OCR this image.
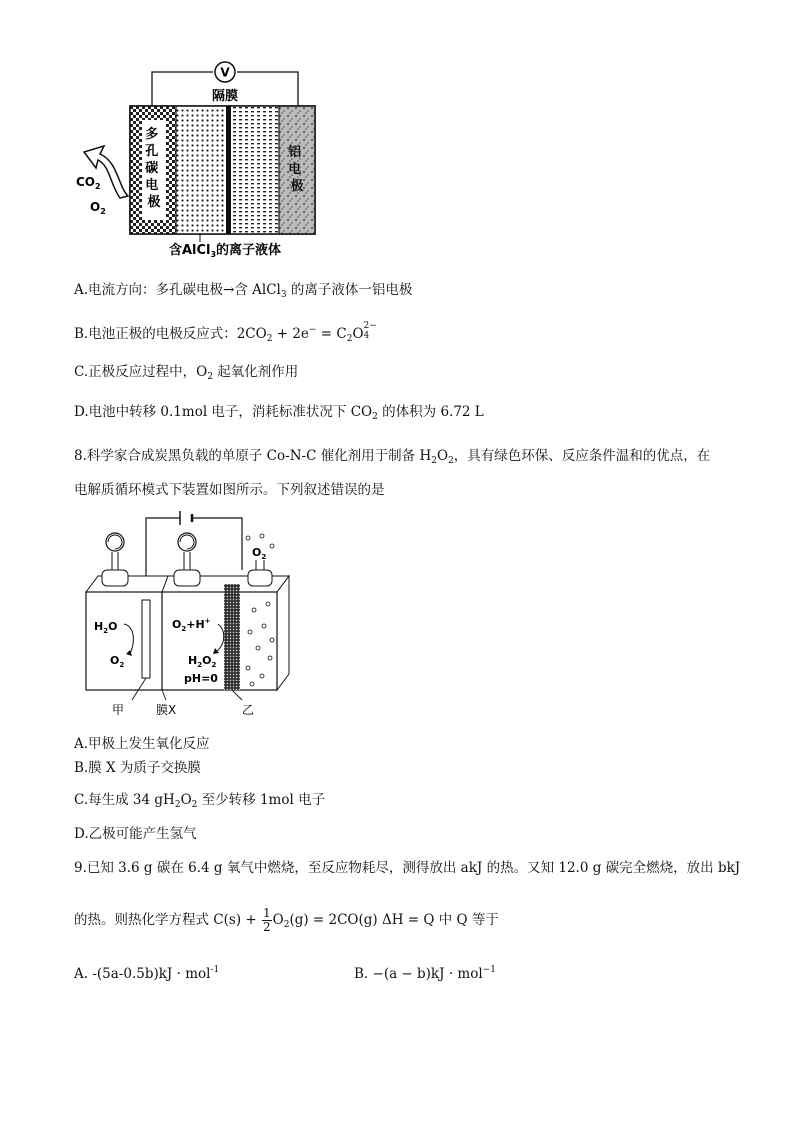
V
隔膜
多 孔 碳 电 极
铝 电 极
$CO_2$
$O_2$
含AlCl$_3$的离子液体
A.电流方向：多孔碳电极→含 AlCl$_3$ 的离子液体一铝电极
B.电池正极的电极反应式：$2CO_2 + 2e^- = C_2O$ 2−
4
C.正极反应过程中，$O_2$ 起氧化剂作用
D.电池中转移 0.1mol 电子，消耗标准状况下 $CO_2$ 的体积为 6.72 L
8.科学家合成炭黑负载的单原子 Co-N-C 催化剂用于制备 $H_2O_2$，具有绿色环保、反应条件温和的优点，在
电解质循环模式下装置如图所示。下列叙述错误的是
$O_2$
$H_2O$
$O_2$
$O_2+H^+$
$H_2O_2$
pH=0
甲	膜X	乙
A.甲极上发生氧化反应
B.膜 X 为质子交换膜
C.每生成 34 $gH_2O_2$ 至少转移 1mol 电子
D.乙极可能产生氢气
9.已知 3.6 g 碳在 6.4 g 氧气中燃烧，至反应物耗尽，测得放出 akJ 的热。又知 12.0 g 碳完全燃烧，放出 bkJ
的热。则热化学方程式 $C(s) + \frac{1}{2} O_2(g) = 2CO(g) \Delta H = Q$ 中 Q 等于
A. -(5a-0.5b)kJ · mol$^{-1}$	B. −(a − b)kJ · mol$^{-1}$
